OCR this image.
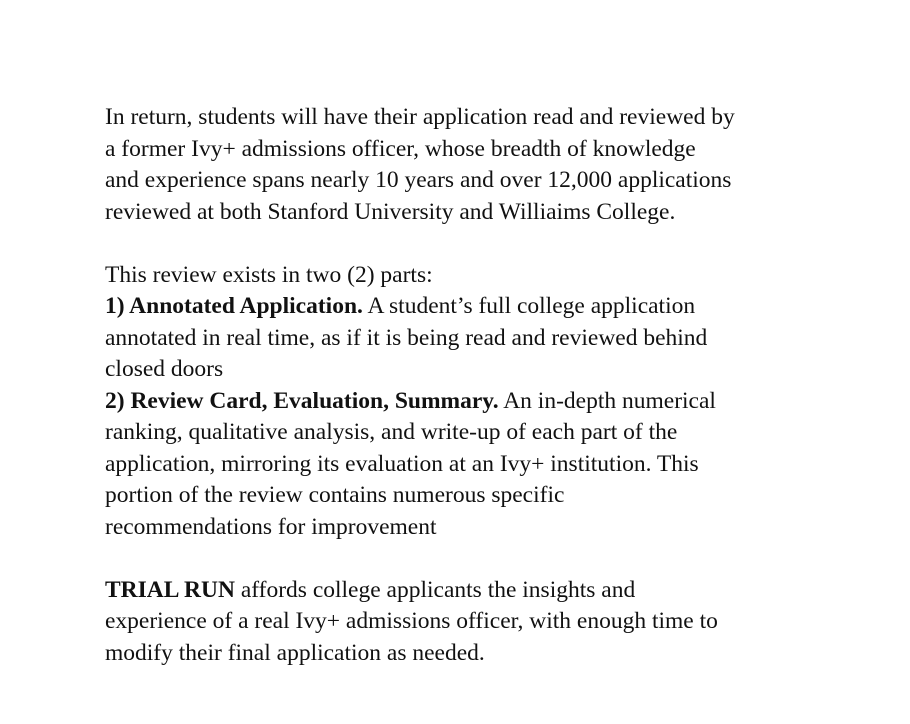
In return, students will have their application read and reviewed by
a former Ivy+ admissions officer, whose breadth of knowledge
and experience spans nearly 10 years and over 12,000 applications
reviewed at both Stanford University and Williaims College.

This review exists in two (2) parts:
1) Annotated Application. A student’s full college application
annotated in real time, as if it is being read and reviewed behind
closed doors
2) Review Card, Evaluation, Summary. An in-depth numerical
ranking, qualitative analysis, and write-up of each part of the
application, mirroring its evaluation at an Ivy+ institution. This
portion of the review contains numerous specific
recommendations for improvement

TRIAL RUN affords college applicants the insights and
experience of a real Ivy+ admissions officer, with enough time to
modify their final application as needed.
